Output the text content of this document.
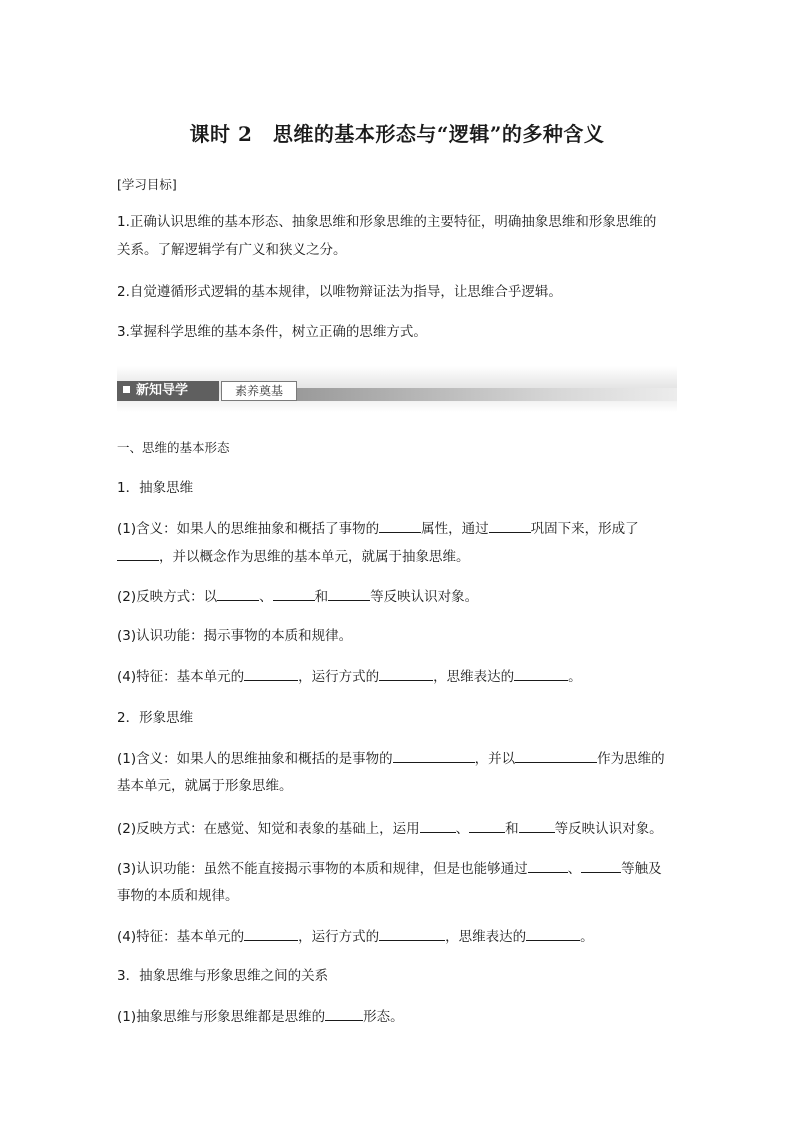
课时 2　思维的基本形态与“逻辑”的多种含义
[学习目标]
1.正确认识思维的基本形态、抽象思维和形象思维的主要特征，明确抽象思维和形象思维的
关系。了解逻辑学有广义和狭义之分。
2.自觉遵循形式逻辑的基本规律，以唯物辩证法为指导，让思维合乎逻辑。
3.掌握科学思维的基本条件，树立正确的思维方式。
新知导学	素养奠基
一、思维的基本形态
1．抽象思维
(1)含义：如果人的思维抽象和概括了事物的	属性，通过	巩固下来，形成了
，并以概念作为思维的基本单元，就属于抽象思维。
(2)反映方式：以	、	和	等反映认识对象。
(3)认识功能：揭示事物的本质和规律。
(4)特征：基本单元的	，运行方式的	，思维表达的	。
2．形象思维
(1)含义：如果人的思维抽象和概括的是事物的	，并以	作为思维的
基本单元，就属于形象思维。
(2)反映方式：在感觉、知觉和表象的基础上，运用	、	和	等反映认识对象。
(3)认识功能：虽然不能直接揭示事物的本质和规律，但是也能够通过	、	等触及
事物的本质和规律。
(4)特征：基本单元的	，运行方式的	，思维表达的	。
3．抽象思维与形象思维之间的关系
(1)抽象思维与形象思维都是思维的	形态。
